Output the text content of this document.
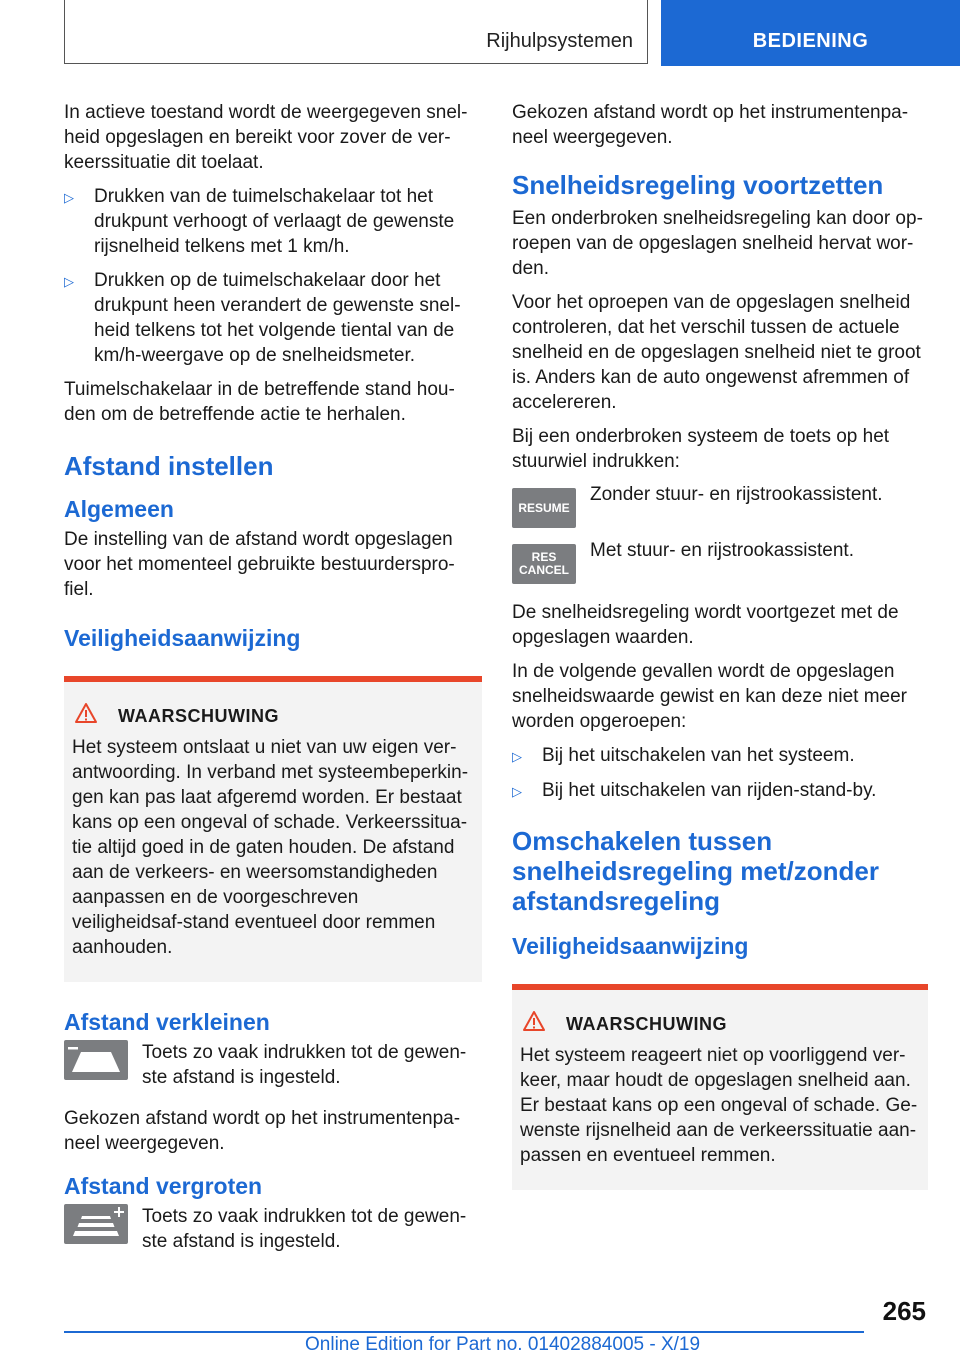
Rijhulpsystemen	BEDIENING

In actieve toestand wordt de weergegeven snel-heid opgeslagen en bereikt voor zover de ver-keerssituatie dit toelaat.

▷	Drukken van de tuimelschakelaar tot het drukpunt verhoogt of verlaagt de gewenste rijsnelheid telkens met 1 km/h.
▷	Drukken op de tuimelschakelaar door het drukpunt heen verandert de gewenste snel-heid telkens tot het volgende tiental van de km/h-weergave op de snelheidsmeter.

Tuimelschakelaar in de betreffende stand hou-den om de betreffende actie te herhalen.

Afstand instellen
Algemeen

De instelling van de afstand wordt opgeslagen voor het momenteel gebruikte bestuurderspro-fiel.

Veiligheidsaanwijzing
WAARSCHUWING
Het systeem ontslaat u niet van uw eigen ver-antwoording. In verband met systeembeperkin-gen kan pas laat afgeremd worden. Er bestaat kans op een ongeval of schade. Verkeerssitua-tie altijd goed in de gaten houden. De afstand aan de verkeers- en weersomstandigheden aanpassen en de voorgeschreven veiligheidsaf-stand eventueel door remmen aanhouden.
Afstand verkleinen
Toets zo vaak indrukken tot de gewen-ste afstand is ingesteld.

Gekozen afstand wordt op het instrumentenpa-neel weergegeven.

Afstand vergroten
Toets zo vaak indrukken tot de gewen-ste afstand is ingesteld.

Gekozen afstand wordt op het instrumentenpa-neel weergegeven.

Snelheidsregeling voortzetten

Een onderbroken snelheidsregeling kan door op-roepen van de opgeslagen snelheid hervat wor-den.

Voor het oproepen van de opgeslagen snelheid controleren, dat het verschil tussen de actuele snelheid en de opgeslagen snelheid niet te groot is. Anders kan de auto ongewenst afremmen of accelereren.

Bij een onderbroken systeem de toets op het stuurwiel indrukken:

RESUME
Zonder stuur- en rijstrookassistent.
RES
CANCEL
Met stuur- en rijstrookassistent.

De snelheidsregeling wordt voortgezet met de opgeslagen waarden.

In de volgende gevallen wordt de opgeslagen snelheidswaarde gewist en kan deze niet meer worden opgeroepen:

▷	Bij het uitschakelen van het systeem.
▷	Bij het uitschakelen van rijden-stand-by.
Omschakelen tussen snelheidsregeling met/zonder afstandsregeling
Veiligheidsaanwijzing
WAARSCHUWING
Het systeem reageert niet op voorliggend ver-keer, maar houdt de opgeslagen snelheid aan. Er bestaat kans op een ongeval of schade. Ge-wenste rijsnelheid aan de verkeerssituatie aan-passen en eventueel remmen.
265
Online Edition for Part no. 01402884005 - X/19
